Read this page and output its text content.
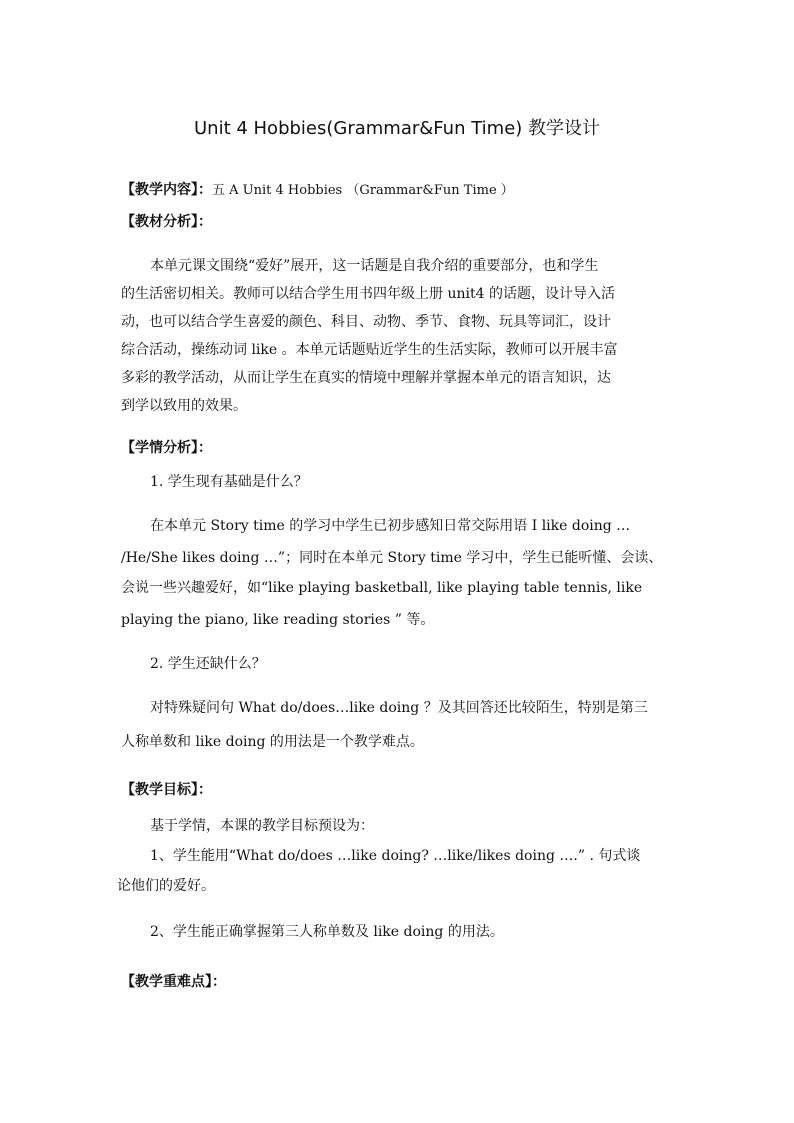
Unit 4 Hobbies(Grammar&Fun Time) 教学设计
【教学内容】：五 A Unit 4 Hobbies （Grammar&Fun Time ）
【教材分析】：
本单元课文围绕“爱好”展开，这一话题是自我介绍的重要部分，也和学生
的生活密切相关。教师可以结合学生用书四年级上册 unit4 的话题，设计导入活
动，也可以结合学生喜爱的颜色、科目、动物、季节、食物、玩具等词汇，设计
综合活动，操练动词 like 。本单元话题贴近学生的生活实际，教师可以开展丰富
多彩的教学活动，从而让学生在真实的情境中理解并掌握本单元的语言知识，达
到学以致用的效果。
【学情分析】：
1. 学生现有基础是什么？
在本单元 Story time 的学习中学生已初步感知日常交际用语 I like doing …
/He/She likes doing …”；同时在本单元 Story time 学习中，学生已能听懂、会读、
会说一些兴趣爱好，如“like playing basketball, like playing table tennis, like
playing the piano, like reading stories ” 等。
2. 学生还缺什么？
对特殊疑问句 What do/does…like doing ？及其回答还比较陌生，特别是第三
人称单数和 like doing 的用法是一个教学难点。
【教学目标】：
基于学情，本课的教学目标预设为：
1、学生能用“What do/does …like doing? …like/likes doing ….” . 句式谈
论他们的爱好。
2、学生能正确掌握第三人称单数及 like doing 的用法。
【教学重难点】：
